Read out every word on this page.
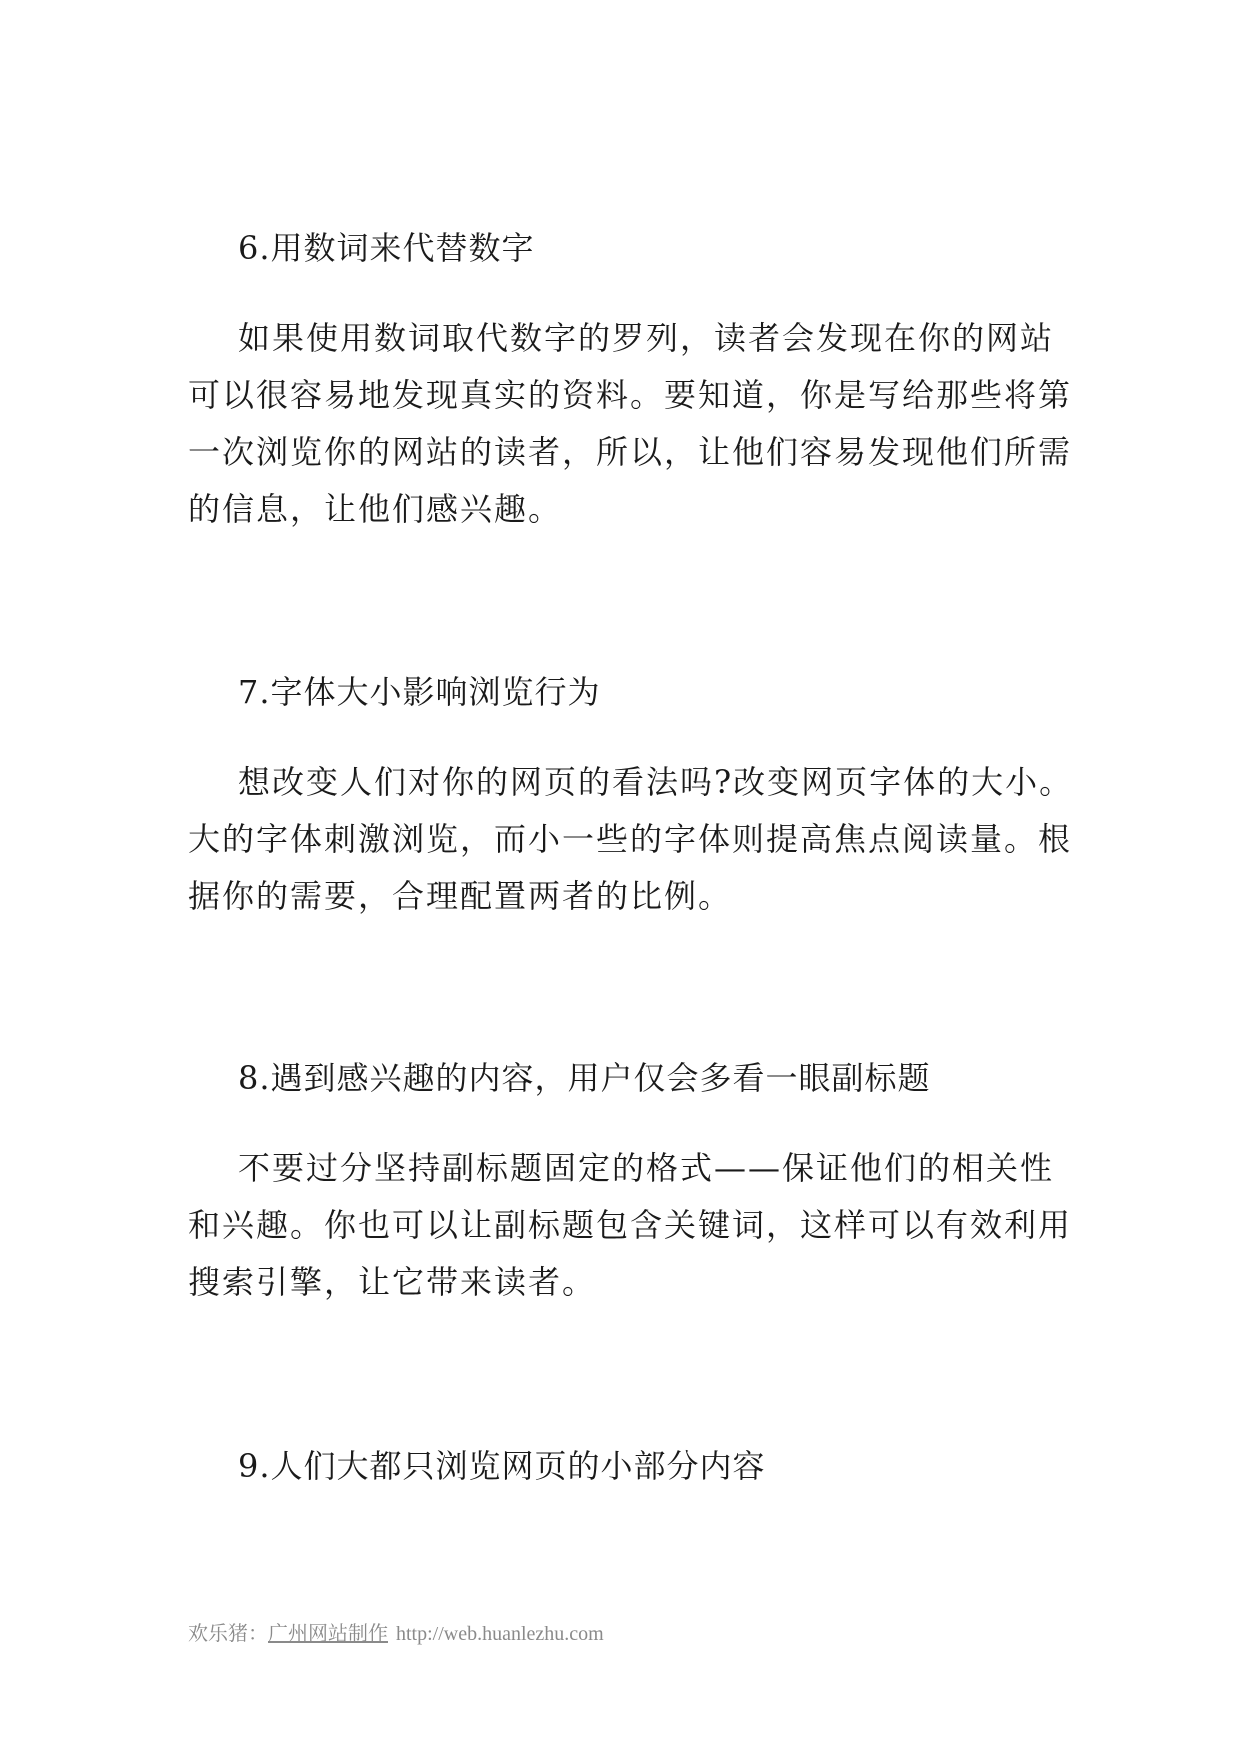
6.用数词来代替数字
如果使用数词取代数字的罗列，读者会发现在你的网站
可以很容易地发现真实的资料。要知道，你是写给那些将第
一次浏览你的网站的读者，所以，让他们容易发现他们所需
的信息，让他们感兴趣。
7.字体大小影响浏览行为
想改变人们对你的网页的看法吗?改变网页字体的大小。
大的字体刺激浏览，而小一些的字体则提高焦点阅读量。根
据你的需要，合理配置两者的比例。
8.遇到感兴趣的内容，用户仅会多看一眼副标题
不要过分坚持副标题固定的格式——保证他们的相关性
和兴趣。你也可以让副标题包含关键词，这样可以有效利用
搜索引擎，让它带来读者。
9.人们大都只浏览网页的小部分内容
欢乐猪：广州网站制作 http://web.huanlezhu.com
